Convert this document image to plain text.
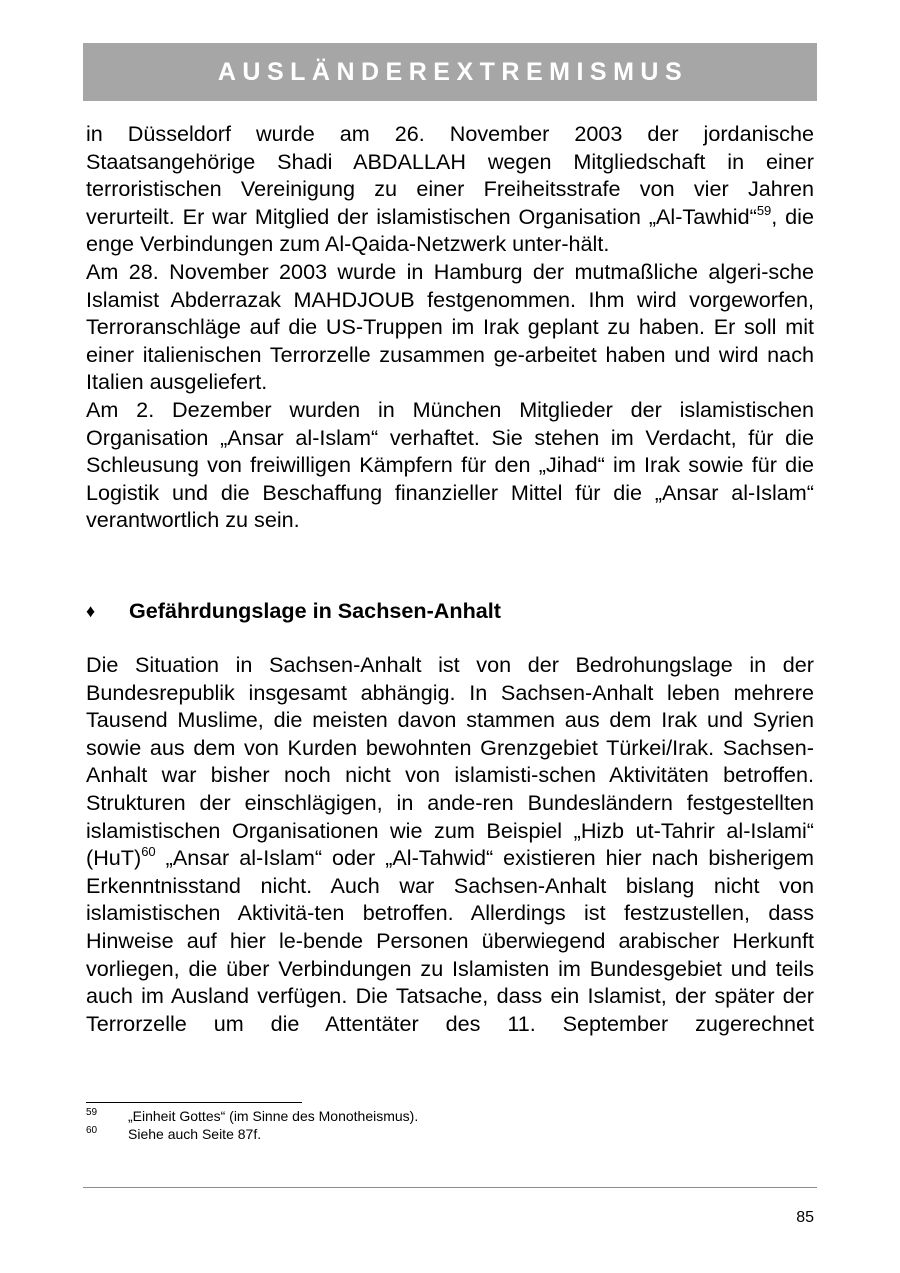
AUSLÄNDEREXTREMISMUS

in Düsseldorf wurde am 26. November 2003 der jordanische Staatsangehörige Shadi ABDALLAH wegen Mitgliedschaft in einer terroristischen Vereinigung zu einer Freiheitsstrafe von vier Jahren verurteilt. Er war Mitglied der islamistischen Organisation „Al-Tawhid“$^{59}$, die enge Verbindungen zum Al-Qaida-Netzwerk unter-hält.

Am 28. November 2003 wurde in Hamburg der mutmaßliche algeri-sche Islamist Abderrazak MAHDJOUB festgenommen. Ihm wird vorgeworfen, Terroranschläge auf die US-Truppen im Irak geplant zu haben. Er soll mit einer italienischen Terrorzelle zusammen ge-arbeitet haben und wird nach Italien ausgeliefert.

Am 2. Dezember wurden in München Mitglieder der islamistischen Organisation „Ansar al-Islam“ verhaftet. Sie stehen im Verdacht, für die Schleusung von freiwilligen Kämpfern für den „Jihad“ im Irak sowie für die Logistik und die Beschaffung finanzieller Mittel für die „Ansar al-Islam“ verantwortlich zu sein.

♦	Gefährdungslage in Sachsen-Anhalt
Die Situation in Sachsen-Anhalt ist von der Bedrohungslage in der Bundesrepublik insgesamt abhängig. In Sachsen-Anhalt leben mehrere Tausend Muslime, die meisten davon stammen aus dem Irak und Syrien sowie aus dem von Kurden bewohnten Grenzgebiet Türkei/Irak. Sachsen-Anhalt war bisher noch nicht von islamisti-schen Aktivitäten betroffen. Strukturen der einschlägigen, in ande-ren Bundesländern festgestellten islamistischen Organisationen wie zum Beispiel „Hizb ut-Tahrir al-Islami“ (HuT)$^{60}$ „Ansar al-Islam“ oder „Al-Tahwid“ existieren hier nach bisherigem Erkenntnisstand nicht. Auch war Sachsen-Anhalt bislang nicht von islamistischen Aktivitä-ten betroffen. Allerdings ist festzustellen, dass Hinweise auf hier le-bende Personen überwiegend arabischer Herkunft vorliegen, die über Verbindungen zu Islamisten im Bundesgebiet und teils auch im Ausland verfügen. Die Tatsache, dass ein Islamist, der später der Terrorzelle um die Attentäter des 11. September zugerechnet
59 „Einheit Gottes“ (im Sinne des Monotheismus).
60 Siehe auch Seite 87f.
85
